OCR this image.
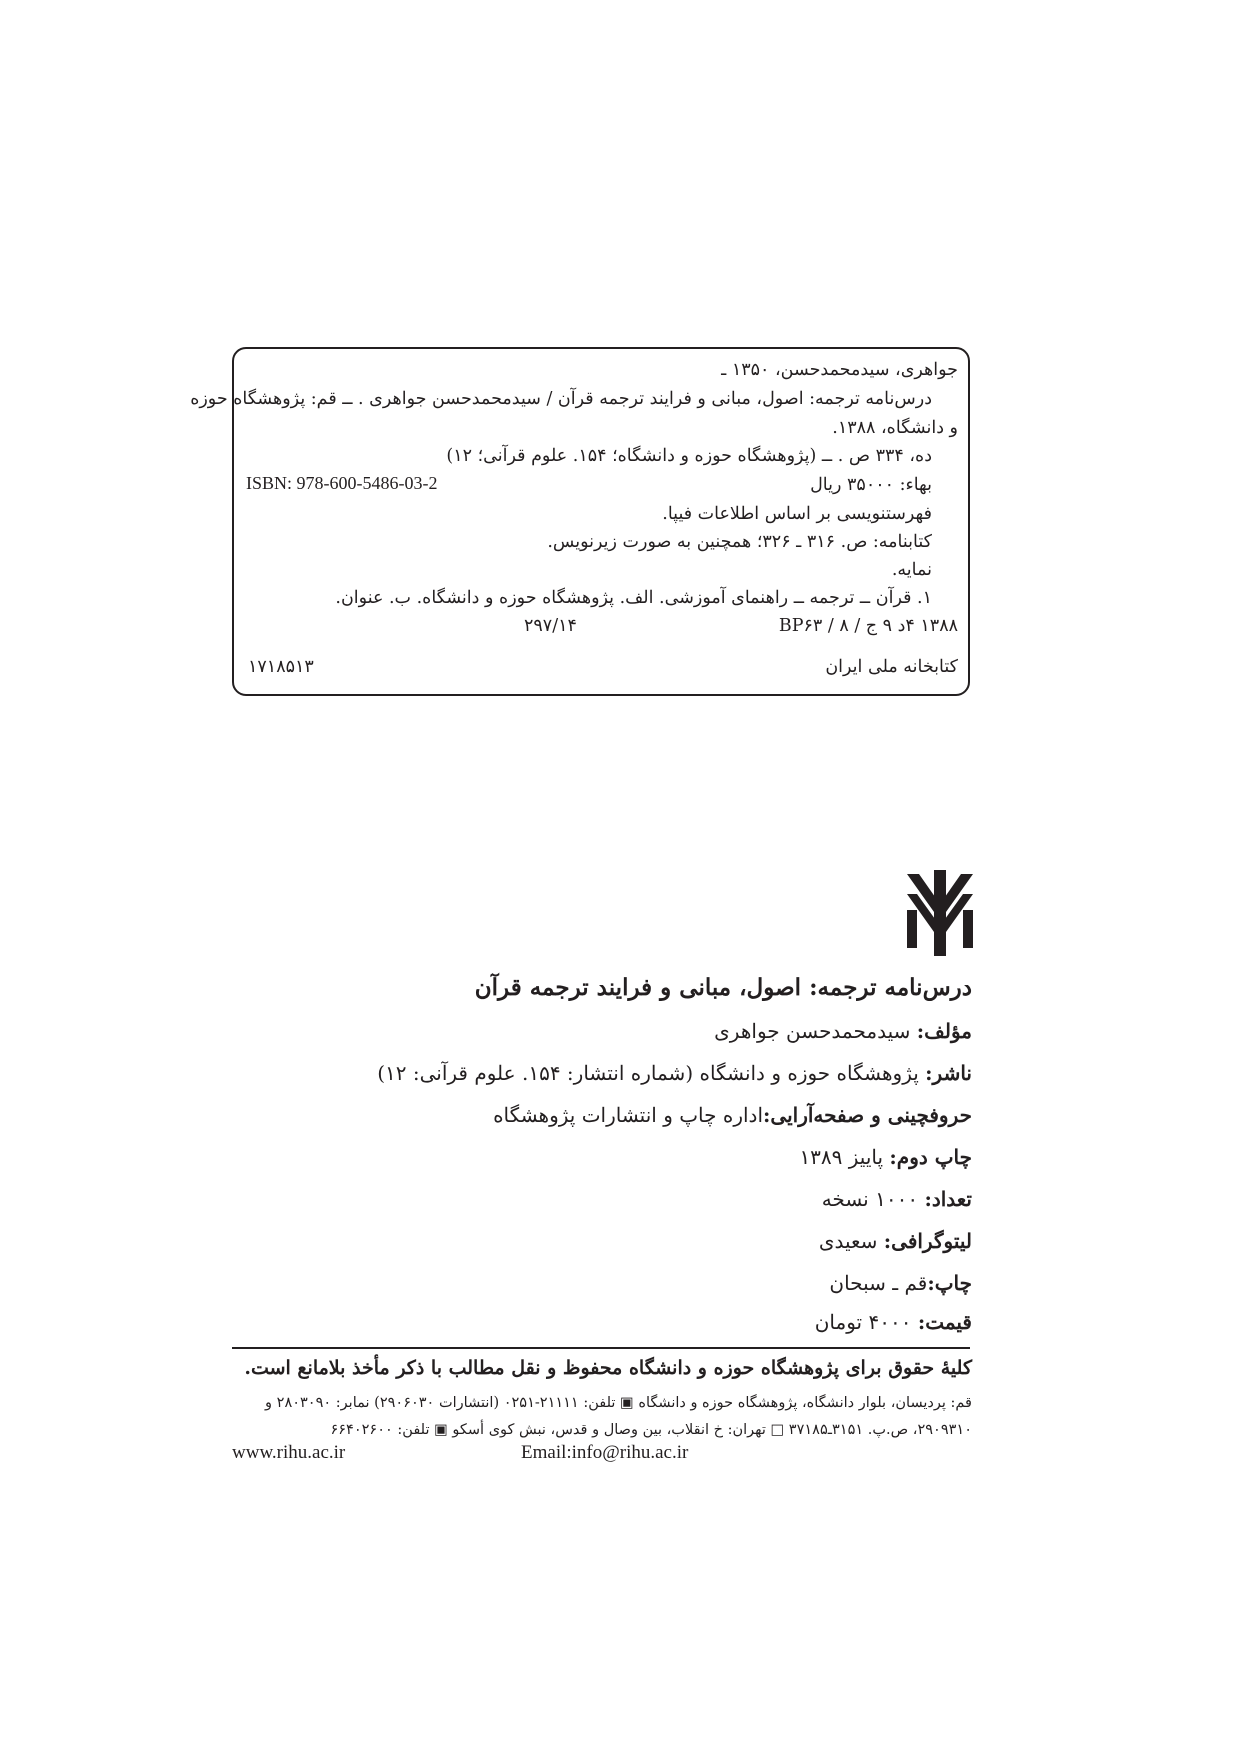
جواهری، سیدمحمدحسن، ۱۳۵۰ ـ
درس‌نامه ترجمه: اصول، مبانی و فرایند ترجمه قرآن / سیدمحمدحسن جواهری . ــ قم: پژوهشگاه حوزه
و دانشگاه، ۱۳۸۸.
ده، ۳۳۴ ص . ــ (پژوهشگاه حوزه و دانشگاه؛ ۱۵۴. علوم قرآنی؛ ۱۲)
بهاء: ۳۵۰۰۰ ریال
ISBN: 978-600-5486-03-2
فهرستنویسی بر اساس اطلاعات فیپا.
کتابنامه: ص. ۳۱۶ ـ ۳۲۶؛ همچنین به صورت زیرنویس.
نمایه.
۱. قرآن ــ ترجمه ــ راهنمای آموزشی. الف. پژوهشگاه حوزه و دانشگاه. ب. عنوان.
۱۳۸۸ ۴د ۹ ج / ۸ / BP۶۳
۲۹۷/۱۴
کتابخانه ملی ایران
۱۷۱۸۵۱۳
درس‌نامه ترجمه: اصول، مبانی و فرایند ترجمه قرآن
مؤلف: سیدمحمدحسن جواهری
ناشر: پژوهشگاه حوزه و دانشگاه (شماره انتشار: ۱۵۴. علوم قرآنی: ۱۲)
حروفچینی و صفحه‌آرایی:اداره چاپ و انتشارات پژوهشگاه
چاپ دوم: پاییز ۱۳۸۹
تعداد: ۱۰۰۰ نسخه
لیتوگرافی: سعیدی
چاپ:قم ـ سبحان
قیمت: ۴۰۰۰ تومان
کلیهٔ حقوق برای پژوهشگاه حوزه و دانشگاه محفوظ و نقل مطالب با ذکر مأخذ بلامانع است.
قم: پردیسان، بلوار دانشگاه، پژوهشگاه حوزه و دانشگاه ▣ تلفن: ۲۱۱۱۱-۰۲۵۱ (انتشارات ۲۹۰۶۰۳۰) نمابر: ۲۸۰۳۰۹۰ و
۲۹۰۹۳۱۰، ص.پ. ۳۱۵۱ـ۳۷۱۸۵ □ تهران: خ انقلاب، بین وصال و قدس، نبش کوی أسکو ▣ تلفن: ۶۶۴۰۲۶۰۰
www.rihu.ac.ir	Email:info@rihu.ac.ir
